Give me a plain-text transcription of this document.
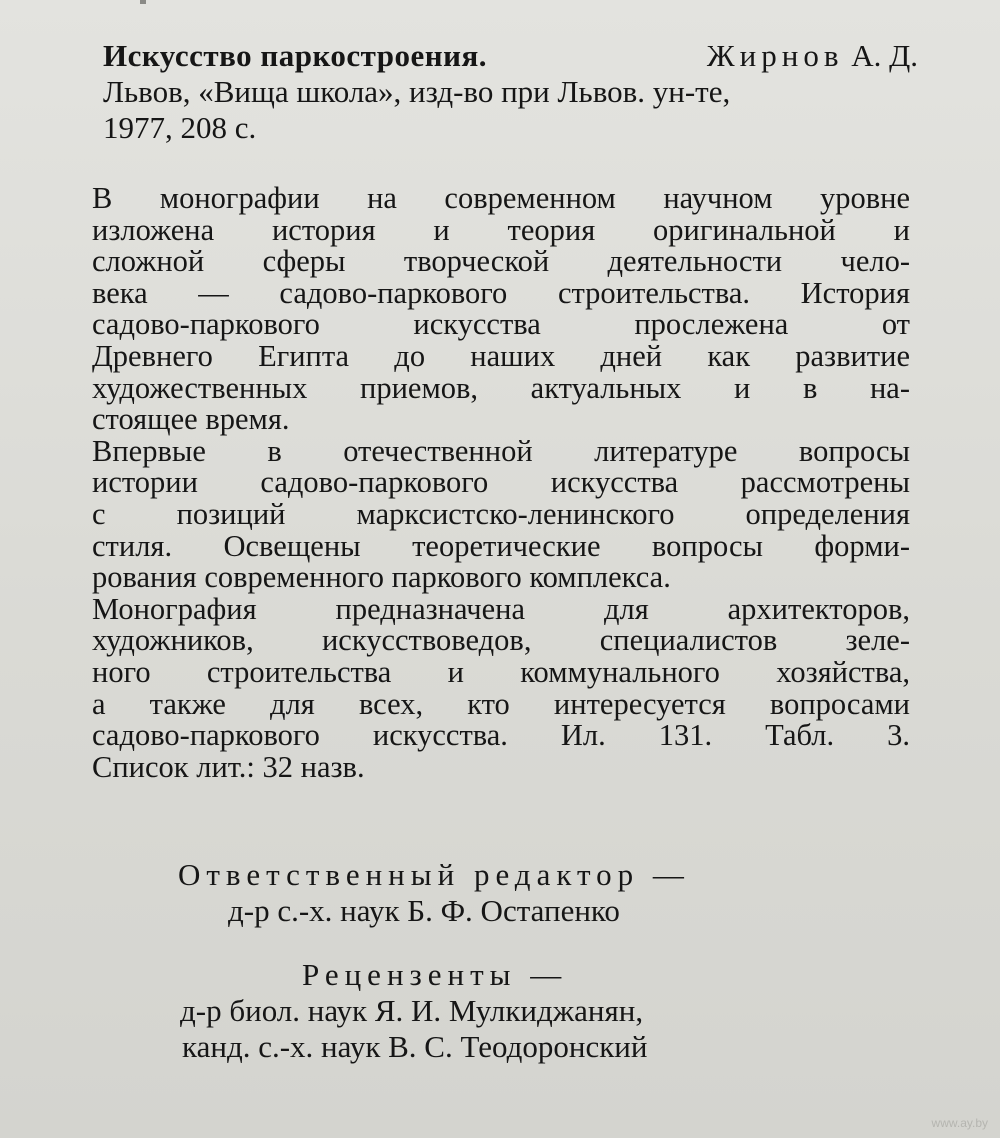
Искусство паркостроения.	Жирнов А. Д.
Львов, «Вища школа», изд-во при Львов. ун-те,
1977, 208 с.
В монографии на современном научном уровне
изложена история и теория оригинальной и
сложной сферы творческой деятельности чело-
века — садово-паркового строительства. История
садово-паркового искусства прослежена от
Древнего Египта до наших дней как развитие
художественных приемов, актуальных и в на-
стоящее время.
Впервые в отечественной литературе вопросы
истории садово-паркового искусства рассмотрены
с позиций марксистско-ленинского определения
стиля. Освещены теоретические вопросы форми-
рования современного паркового комплекса.
Монография предназначена для архитекторов,
художников, искусствоведов, специалистов зеле-
ного строительства и коммунального хозяйства,
а также для всех, кто интересуется вопросами
садово-паркового искусства. Ил. 131. Табл. 3.
Список лит.: 32 назв.
Ответственный редактор —
д-р с.-х. наук Б. Ф. Остапенко
Рецензенты —
д-р биол. наук Я. И. Мулкиджанян,
канд. с.-х. наук В. С. Теодоронский
www.ay.by
